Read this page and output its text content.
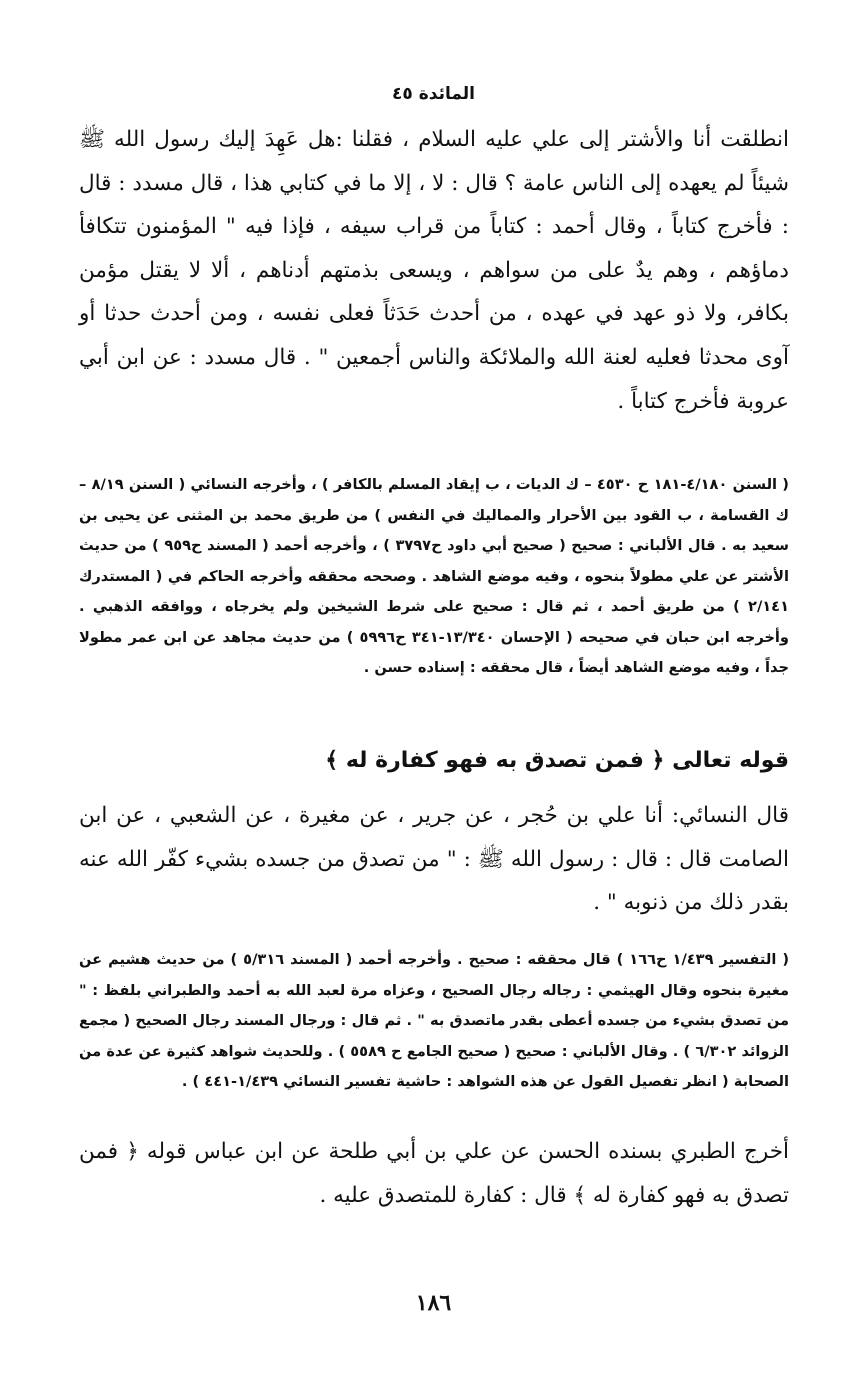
المائدة ٤٥

انطلقت أنا والأشتر إلى علي عليه السلام ، فقلنا :هل عَهِدَ إليك رسول الله ﷺ شيئاً لم يعهده إلى الناس عامة ؟ قال : لا ، إلا ما في كتابي هذا ، قال مسدد : قال : فأخرج كتاباً ، وقال أحمد : كتاباً من قراب سيفه ، فإذا فيه " المؤمنون تتكافأ دماؤهم ، وهم يدٌ على من سواهم ، ويسعى بذمتهم أدناهم ، ألا لا يقتل مؤمن بكافر، ولا ذو عهد في عهده ، من أحدث حَدَثاً فعلى نفسه ، ومن أحدث حدثا أو آوى محدثا فعليه لعنة الله والملائكة والناس أجمعين " . قال مسدد : عن ابن أبي عروبة فأخرج كتاباً .

( السنن ٤/١٨٠-١٨١ ح ٤٥٣٠ – ك الديات ، ب إيقاد المسلم بالكافر ) ، وأخرجه النسائي ( السنن ٨/١٩ – ك القسامة ، ب القود بين الأحرار والمماليك في النفس ) من طريق محمد بن المثنى عن يحيى بن سعيد به . قال الألباني : صحيح ( صحيح أبي داود ح٣٧٩٧ ) ، وأخرجه أحمد ( المسند ح٩٥٩ ) من حديث الأشتر عن علي مطولاً بنحوه ، وفيه موضع الشاهد . وصححه محققه وأخرجه الحاكم في ( المستدرك ٢/١٤١ ) من طريق أحمد ، ثم قال : صحيح على شرط الشيخين ولم يخرجاه ، ووافقه الذهبي . وأخرجه ابن حبان في صحيحه ( الإحسان ١٣/٣٤٠-٣٤١ ح٥٩٩٦ ) من حديث مجاهد عن ابن عمر مطولا جداً ، وفيه موضع الشاهد أيضاً ، قال محققه : إسناده حسن .

قوله تعالى ﴿ فمن تصدق به فهو كفارة له ﴾

قال النسائي: أنا علي بن حُجر ، عن جرير ، عن مغيرة ، عن الشعبي ، عن ابن الصامت قال : قال : رسول الله ﷺ : " من تصدق من جسده بشيء كفّر الله عنه بقدر ذلك من ذنوبه " .

( التفسير ١/٤٣٩ ح١٦٦ ) قال محققه : صحيح . وأخرجه أحمد ( المسند ٥/٣١٦ ) من حديث هشيم عن مغيرة بنحوه وقال الهيثمي : رجاله رجال الصحيح ، وعزاه مرة لعبد الله به أحمد والطبراني بلفظ : " من تصدق بشيء من جسده أعطى بقدر ماتصدق به " . ثم قال : ورجال المسند رجال الصحيح ( مجمع الزوائد ٦/٣٠٢ ) . وقال الألباني : صحيح ( صحيح الجامع ح ٥٥٨٩ ) . وللحديث شواهد كثيرة عن عدة من الصحابة ( انظر تفصيل القول عن هذه الشواهد : حاشية تفسير النسائي ١/٤٣٩-٤٤١ ) .

أخرج الطبري بسنده الحسن عن علي بن أبي طلحة عن ابن عباس قوله ﴿ فمن تصدق به فهو كفارة له ﴾ قال : كفارة للمتصدق عليه .

١٨٦
